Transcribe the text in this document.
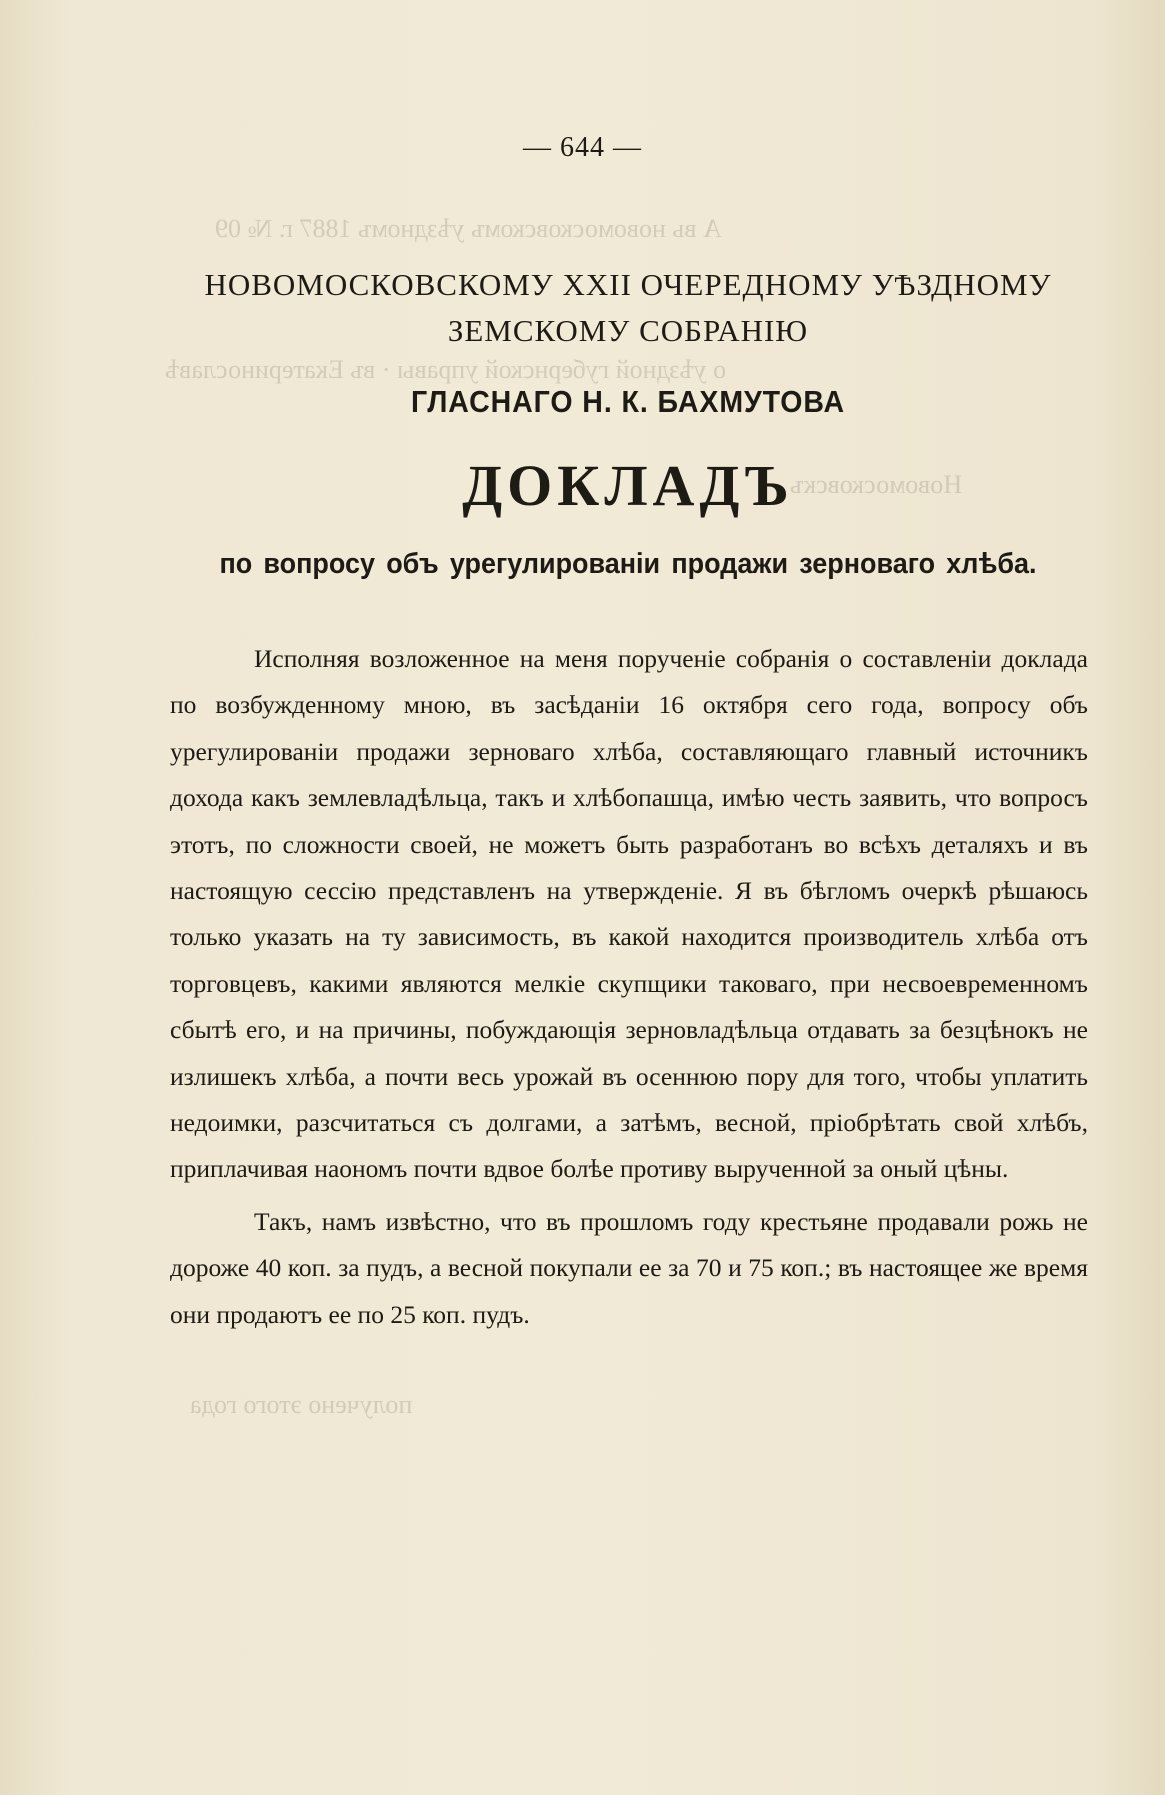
А вь новомосковскомъ уѣздномъ 1887 г. № 09
о уѣздной губернской управы · въ Екатеринославѣ
Новомосковскъ
получено этого года
— 644 —
НОВОМОСКОВСКОМУ XXII ОЧЕРЕДНОМУ УѢЗДНОМУ
ЗЕМСКОМУ СОБРАНІЮ
ГЛАСНАГО Н. К. БАХМУТОВА
ДОКЛАДЪ
по вопросу объ урегулированіи продажи зерноваго хлѣба.

Исполняя возложенное на меня порученіе собранія о составленіи доклада по возбужденному мною, въ засѣданіи 16 октября сего года, вопросу объ урегулированіи продажи зерноваго хлѣба, составляющаго главный источникъ дохода какъ землевладѣльца, такъ и хлѣбопашца, имѣю честь заявить, что вопросъ этотъ, по сложности своей, не можетъ быть разработанъ во всѣхъ деталяхъ и въ настоящую сессію представленъ на утвержденіе. Я въ бѣгломъ очеркѣ рѣшаюсь только указать на ту зависимость, въ какой находится производитель хлѣба отъ торговцевъ, какими являются мелкіе скупщики таковаго, при несвоевременномъ сбытѣ его, и на причины, побуждающія зерновладѣльца отдавать за безцѣнокъ не излишекъ хлѣба, а почти весь урожай въ осеннюю пору для того, чтобы уплатить недоимки, разсчитаться съ долгами, а затѣмъ, весной, пріобрѣтать свой хлѣбъ, приплачивая наономъ почти вдвое болѣе противу вырученной за оный цѣны.

Такъ, намъ извѣстно, что въ прошломъ году крестьяне продавали рожь не дороже 40 коп. за пудъ, а весной покупали ее за 70 и 75 коп.; въ настоящее же время они продаютъ ее по 25 коп. пудъ.
